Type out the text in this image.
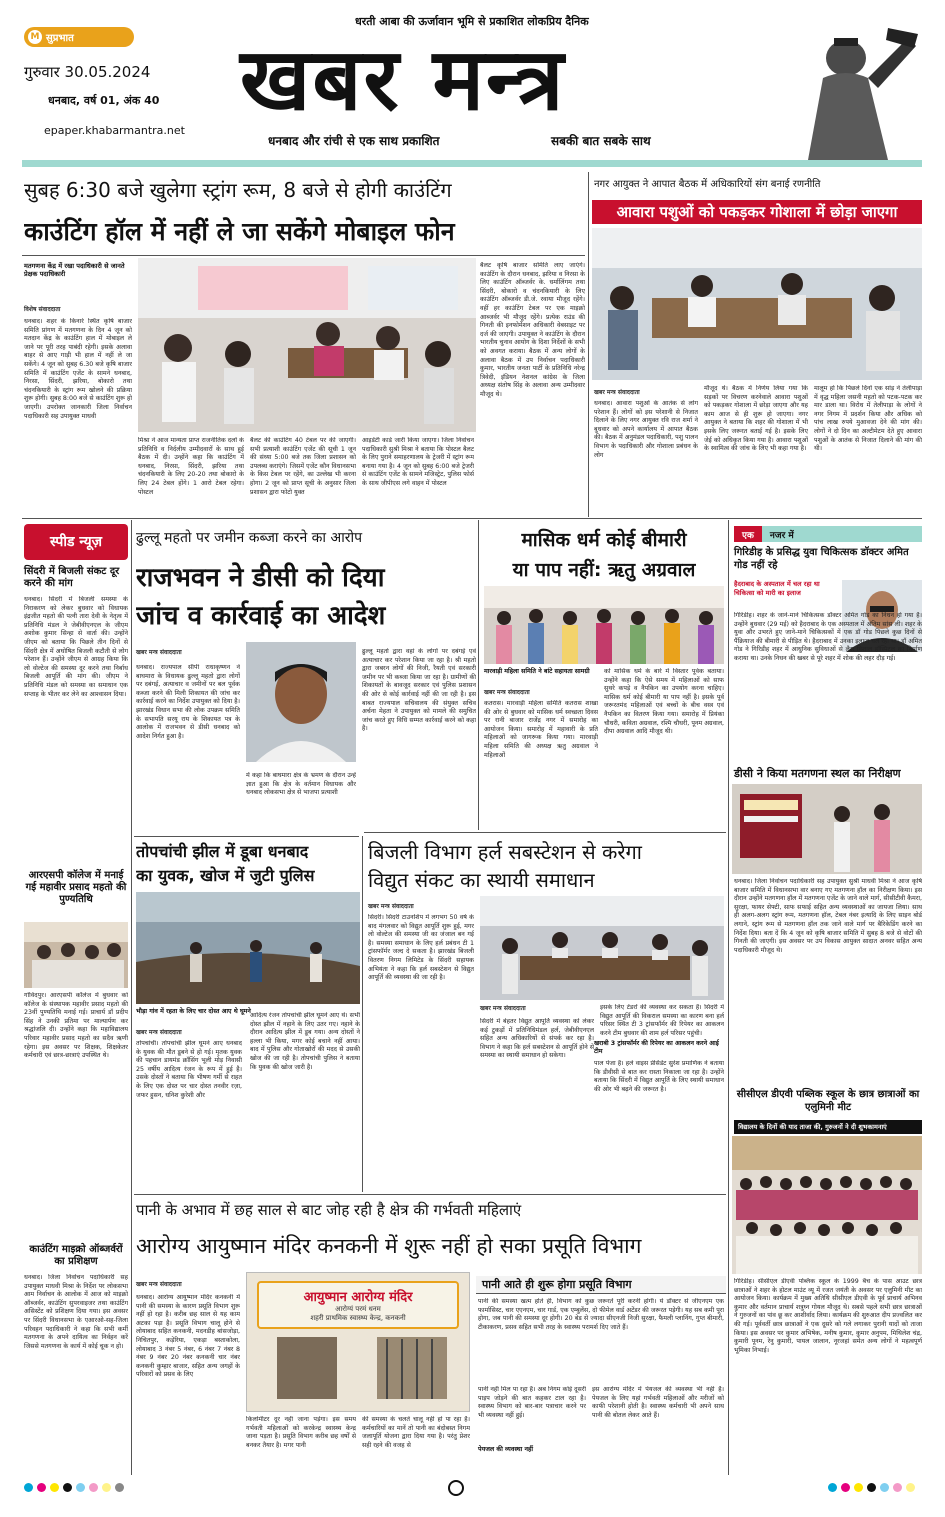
M सुप्रभात
धरती आबा की ऊर्जावान भूमि से प्रकाशित लोकप्रिय दैनिक
गुरुवार 30.05.2024
धनबाद, वर्ष 01, अंक 40
epaper.khabarmantra.net
खबर मन्त्र
धनबाद और रांची से एक साथ प्रकाशित	सबकी बात सबके साथ
सुबह 6:30 बजे खुलेगा स्ट्रांग रूम, 8 बजे से होगी काउंटिंग
काउंटिंग हॉल में नहीं ले जा सकेंगे मोबाइल फोन
मतगणना केंद्र में रखा पदाधिकारी से जानते प्रेक्षक पदाधिकारी
विशेष संवाददाता
धनबाद। शहर के किनारे स्थित कृषि बाजार समिति प्रांगण में मतगणना के दिन 4 जून को मतदान केंद्र के काउंटिंग हाल में मोबाइल ले जाने पर पूरी तरह पाबंदी रहेगी। इसके अलावा बाहर से आए गाड़ी भी हाल में नहीं ले जा सकेंगे। 4 जून को सुबह 6.30 बजे कृषि बाजार समिति में काउंटिंग एजेंट के सामने धनबाद, निरसा, सिंदरी, झरिया, बोकारो तथा चंदनकियारी के स्ट्रांग रूम खोलने की प्रक्रिया शुरू होगी। सुबह 8:00 बजे से काउंटिंग शुरू हो जाएगी। उपरोक्त जानकारी जिला निर्वाचन पदाधिकारी सह उपायुक्त माधवी
मिश्रा ने आज मान्यता प्राप्त राजनीतिक दलों के प्रतिनिधि व निर्दलीय उम्मीदवारों के साथ हुई बैठक में दी। उन्होंने कहा कि काउंटिंग में धनबाद, निरसा, सिंदरी, झरिया तथा चंदनकियारी के लिए 20-20 तथा बोकारो के लिए 24 टेबल होंगे। 1 आरो टेबल रहेगा। पोस्टल
बैलट की काउंटिंग 40 टेबल पर की जाएगी। सभी प्रत्याशी काउंटिंग एजेंट की सूची 1 जून की संध्या 5:00 बजे तक जिला प्रशासन को उपलब्ध कराएंगे। जिसमें एजेंट कौन विधानसभा के किस टेबल पर रहेंगे, का उल्लेख भी करना होगा। 2 जून को प्राप्त सूची के अनुसार जिला प्रशासन द्वारा फोटो युक्त
आइडेंटी कार्ड जारी किया जाएगा। जिला निर्वाचन पदाधिकारी सुश्री मिश्रा ने बताया कि पोस्टल बैलट के लिए पुराने समाहरणालय के ट्रेजरी में स्ट्रांग रूम बनाया गया है। 4 जून को सुबह 6:00 बजे ट्रेजरी से काउंटिंग एजेंट के सामने मजिस्ट्रेट, पुलिस फोर्स के साथ जीपीएस लगे वाहन में पोस्टल
बैलट कृषि बाजार समिति लाए जाएंगे। काउंटिंग के दौरान धनबाद, झरिया व निरसा के लिए काउंटिंग ऑब्जर्वर के. धर्मालिंगम तथा सिंदरी, बोकारो व चंदनकियारी के लिए काउंटिंग ऑब्जर्वर डी.जे. रवाया मौजूद रहेंगे। वहीं हर काउंटिंग टेबल पर एक माइक्रो आब्जर्वर भी मौजूद रहेंगे। प्रत्येक राउंड की गिनती की इनफोर्मेशन अधिकारी वेबसाइट पर दर्ज की जाएगी। उपायुक्त ने काउंटिंग के दौरान भारतीय चुनाव आयोग के दिशा निर्देशों के सभी को अवगत कराया। बैठक में अन्य लोगों के अलावा बैठक में उप निर्वाचन पदाधिकारी कुमार, भारतीय जनता पार्टी के प्रतिनिधि नरेन्द्र त्रिवेदी, इंडियन नेशनल कांग्रेस के जिला अध्यक्ष संतोष सिंह के अलावा अन्य उम्मीदवार मौजूद थे।
नगर आयुक्त ने आपात बैठक में अधिकारियों संग बनाई रणनीति
आवारा पशुओं को पकड़कर गोशाला में छोड़ा जाएगा
खबर मन्त्र संवाददाता
धनबाद। आवारा पशुओं के आतंक से लोग परेशान हैं। लोगों को इस परेशानी से निजात दिलाने के लिए नगर आयुक्त रवि राज शर्मा ने बुधवार को अपने कार्यालय में आपात बैठक की। बैठक में अनुमंडल पदाधिकारी, पशु पालन विभाग के पदाधिकारी और गोशाला प्रबंधन के लोग
मौजूद थे। बैठक में निर्णय लिया गया कि सड़कों पर विचरण करनेवाले आवारा पशुओं को पकड़कर गोशाला में छोड़ा जाएगा और यह काम आज से ही शुरू हो जाएगा। नगर आयुक्त ने बताया कि शहर की गोशाला में भी इसके लिए जरूरत बताई गई है। इसके लिए जेई को अधिकृत किया गया है। आवारा पशुओं के स्वामित्व की जांच के लिए भी कहा गया है।
मालूम हो कि पिछले दिनों एक सांड़ ने तेलीपाड़ा में वृद्ध महिला जसनी महतो को पटक-पटक कर मार डाला था। विरोध में तेलीपाड़ा के लोगों ने नगर निगम में प्रदर्शन किया और अधिक को पांच लाख रुपये मुआवजा देने की मांग की। लोगों ने दो दिन का अल्टीमेटम देते हुए आवारा पशुओं के आतंक से निजात दिलाने की मांग की थी।
स्पीड न्यूज़
सिंदरी में बिजली संकट दूर करने की मांग
धनबाद। सिंदरी में बिजली समस्या के निराकरण को लेकर बुधवार को विधायक इंद्रजीत महतो की पत्नी तारा देवी के नेतृत्व में प्रतिनिधि मंडल ने जेबीवीएनएल के जीएम अशोक कुमार सिन्हा से वार्ता की। उन्होंने जीएम को बताया कि पिछले तीन दिनों से सिंदरी क्षेत्र में अघोषित बिजली कटौती से लोग परेशान हैं। उन्होंने जीएम से आग्रह किया कि लो वोल्टेज की समस्या दूर करने तथा निर्बाध बिजली आपूर्ति की मांग की। जीएम ने प्रतिनिधि मंडल को समस्या का समाधान एक सप्ताह के भीतर कर लेने का आश्वासन दिया।
आरएसपी कॉलेज में मनाई गई महावीर प्रसाद महतो की पुण्यतिथि
गोविंदपुर। आरएसपी कॉलेज में बुधवार को कॉलेज के संस्थापक महावीर प्रसाद महतो की 23वीं पुण्यतिथि मनाई गई। प्राचार्य डॉ प्रदीप सिंह ने उनकी प्रतिमा पर माल्यार्पण कर श्रद्धांजलि दी। उन्होंने कहा कि महाविद्यालय परिवार महावीर प्रसाद महतो का सदैव ऋणी रहेगा। इस अवसर पर शिक्षक, शिक्षकेतर कर्मचारी एवं छात्र-छात्राएं उपस्थित थे।
काउंटिंग माइक्रो ऑब्जर्वरों का प्रशिक्षण
धनबाद। जिला निर्वाचन पदाधिकारी सह उपायुक्त माधवी मिश्रा के निर्देश पर लोकसभा आम निर्वाचन के आलोक में आज को माइक्रो ऑब्जर्वर, काउंटिंग सुपरवाइजर तथा काउंटिंग असिस्टेंट को प्रशिक्षण दिया गया। इस अवसर पर सिंदरी विधानसभा के एआरओ-सह-जिला परिवहन पदाधिकारी ने कहा कि सभी कर्मी मतगणना के अपने दायित्व का निर्वहन करें जिससे मतगणना के कार्य में कोई चूक न हो।
ढुल्लू महतो पर जमीन कब्जा करने का आरोप
राजभवन ने डीसी को दिया
जांच व कार्रवाई का आदेश
खबर मन्त्र संवाददाता
धनबाद। राज्यपाल सीपी राधाकृष्णन ने बाघमारा के विधायक ढुल्लू महतो द्वारा लोगों पर दबंगई, अत्याचार व जमीनों पर बल पूर्वक कब्जा करने की मिली शिकायत की जांच कर कार्रवाई करने का निर्देश उपायुक्त को दिया है। झारखंड विधान सभा की लोक उपक्रम समिति के सभापति सरयू राय के शिकायत पत्र के आलोक में राजभवन से डीसी धनबाद को आदेश निर्गत हुआ है।
में कहा कि बाघमारा क्षेत्र के भ्रमण के दौरान उन्हें ज्ञात हुआ कि क्षेत्र के वर्तमान विधायक और धनबाद लोकसभा क्षेत्र से भाजपा प्रत्याशी
ढुल्लू महतो द्वारा वहां के लोगों पर दबंगई एवं अत्याचार कर परेशान किया जा रहा है। श्री महतो द्वारा जबरन लोगों की निजी, रैयती एवं सरकारी जमीन पर भी कब्जा किया जा रहा है। ग्रामीणों की शिकायतों के बावजूद सरकार एवं पुलिस प्रशासन की ओर से कोई कार्रवाई नहीं की जा रही है। इस बाबत राज्यपाल सचिवालय की संयुक्त सचिव अर्चना मेहता ने उपायुक्त को मामले की समुचित जांच करते हुए विधि सम्मत कार्रवाई करने को कहा है।
मासिक धर्म कोई बीमारी
या पाप नहीं: ऋतु अग्रवाल
मारवाड़ी महिला समिति ने बांटे सहायता सामग्री
खबर मन्त्र संवाददाता
कतरास। मारवाड़ी महिला समिति कतरास शाखा की ओर से बुधवार को मासिक धर्म स्वच्छता दिवस पर रानी बाजार राजेंद्र नगर में समारोह का आयोजन किया। समारोह में महावारी के प्रति महिलाओं को जागरूक किया गया। मारवाड़ी महिला समिति की अध्यक्ष ऋतु अग्रवाल ने महिलाओं
को मासिक धर्म के बारे में विस्तार पूर्वक बताया। उन्होंने कहा कि ऐसे समय में महिलाओं को साफ सुथरे कपड़े व नैपकिन का उपयोग करना चाहिए। मासिक धर्म कोई बीमारी या पाप नहीं है। इसके पूर्व जरूरतमंद महिलाओं एवं बच्चों के बीच वस्त्र एवं नैपकिन का वितरण किया गया। समारोह में प्रियंका चौधरी, कविता अग्रवाल, रश्मि चौधरी, पूनम अग्रवाल, दीपा अग्रवाल आदि मौजूद थी।
एक	नजर में
गिरिडीह के प्रसिद्ध युवा चिकित्सक डॉक्टर अमित गोड नहीं रहे
हैदराबाद के अस्पताल में चल रहा था चिकित्सा को मारी का इलाज
गिरिडीह। शहर के जाने-माने चिकित्सक डॉक्टर अमित गोड का निधन हो गया है। उन्होंने बुधवार (29 मई) को हैदराबाद के एक अस्पताल में अंतिम सांस ली। शहर के युवा और उभरते हुए जाने-माने चिकित्सकों में एक डॉ गोड पिछले कुछ दिनों से पैंक्रियाज की बीमारी से पीड़ित थे। हैदराबाद में उनका इलाज चल रहा था। डॉ अमित गोड ने गिरिडीह शहर में आधुनिक सुविधाओं से लैस विशाल हॉस्पिटल का निर्माण कराया था। उनके निधन की खबर से पूरे शहर में शोक की लहर दौड़ गई।
डीसी ने किया मतगणना स्थल का निरीक्षण
धनबाद। जिला निर्वाचन पदाधिकारी सह उपायुक्त सुश्री माधवी मिश्रा ने आज कृषि बाजार समिति में विधानसभा वार बनाए गए मतगणना हॉल का निरीक्षण किया। इस दौरान उन्होंने मतगणना हॉल में मतगणना एजेंट के जाने वाले मार्ग, सीसीटीवी कैमरा, सुरक्षा, फायर सेफ्टी, साफ सफाई सहित अन्य व्यवस्थाओं का जायजा लिया। साथ ही अलग-अलग स्ट्रांग रूम, मतगणना हॉल, टेबल नंबर इत्यादि के लिए साइन बोर्ड लगाने, स्ट्रांग रूम से मतगणना हॉल तक जाने वाले मार्ग पर बैरिकेडिंग करने का निर्देश दिया। बता दें कि 4 जून को कृषि बाजार समिति में सुबह 8 बजे से वोटों की गिनती की जाएगी। इस अवसर पर उप विकास आयुक्त सादात अनवर सहित अन्य पदाधिकारी मौजूद थे।
सीसीएल डीएवी पब्लिक स्कूल के छात्र छात्राओं का एलुमिनी मीट
विद्यालय के दिनों की याद ताजा की, गुरुजनों ने दी शुभकामनाएं
गिरिडीह। सीसीएल डीएवी पब्लिक स्कूल के 1999 बैच के पास आउट छात्र छात्राओं ने शहर के होटल माउंट व्यू में रजत जयंती के अवसर पर एलुमिनी मीट का आयोजन किया। कार्यक्रम में मुख्य अतिथि सीसीएल डीएवी के पूर्व प्राचार्य अभिनव कुमार और वर्तमान प्राचार्य शत्रुघ्न गोयल मौजूद थे। सबसे पहले सभी छात्र छात्राओं ने गुरुजनों का पांव छू कर आशीर्वाद लिया। कार्यक्रम की शुरुआत दीप प्रज्वलित कर की गई। पूर्ववर्ती छात्र छात्राओं ने एक दूसरे को गले लगाकर पुरानी यादों को ताजा किया। इस अवसर पर कुमार अभिषेक, मनीष कुमार, कुमार अनुपम, मिथिलेश चंद्र, कुमारी पूनम, रेनु कुमारी, पायल जालान, नूरजहां समेत अन्य लोगों ने महत्वपूर्ण भूमिका निभाई।
तोपचांची झील में डूबा धनबाद
का युवक, खोज में जुटी पुलिस
भौड़ा गांव में रहता के लिए चार दोस्त आए थे घूमने
खबर मन्त्र संवाददाता
तोपचांची। तोपचांची झील घूमने आए धनबाद के युवक की मौत डूबने से हो गई। मृतक युवक की पहचान डायमंड क्रॉसिंग भूली मोड़ निवासी 25 वर्षीय आदित्य रंजन के रूप में हुई है। उसके दोस्तों ने बताया कि भीषण गर्मी से राहत के लिए एक दोस्त पर चार दोस्त तनवीर रज़ा, जफर हुसन, धनिश कुरेशी और
आदित्य रंजन तोपचांची झील घूमने आए थे। सभी दोस्त झील में नहाने के लिए उतर गए। नहाने के दौरान आदित्य झील में डूब गया। अन्य दोस्तों ने हल्ला भी किया, मगर कोई बचाने नहीं आया। बाद में पुलिस और गोताखोरों की मदद से उसकी खोज की जा रही है। तोपचांची पुलिस ने बताया कि युवक की खोज जारी है।
बिजली विभाग हर्ल सबस्टेशन से करेगा
विद्युत संकट का स्थायी समाधान
खबर मन्त्र संवाददाता
सिंदरी। सिंदरी टाउनशिप में लगभग 50 वर्ष के बाद मंगलवार को विद्युत आपूर्ति शुरू हुई, मगर लो वोल्टेज की समस्या जी का जंजाल बन गई है। समस्या समाधान के लिए हर्ल प्रबंधन टी 1 ट्रांसफॉर्मर जल्द दे सकता है। झारखंड बिजली वितरण निगम लिमिटेड के सिंदरी सहायक अभियंता ने कहा कि हर्ल सबस्टेशन से विद्युत आपूर्ति की व्यवस्था की जा रही है।
खबर मन्त्र संवाददाता
सिंदरी में बेहतर विद्युत आपूर्ति व्यवस्था को लेकर कई टुकड़ों में प्रतिनिधिमंडल हर्ल, जेबीवीएनएल सहित अन्य अधिकारियों से संपर्क कर रहा है। विभाग ने कहा कि हर्ल सबस्टेशन से आपूर्ति होने से समस्या का स्थायी समाधान हो सकेगा।
इसके लिए टेंडरों की व्यवस्था कर सकता है। सिंदरी में विद्युत आपूर्ति की विकराल समस्या का कारण बना हर्ल परिसर स्थित टी 3 ट्रांसफॉर्मर की रिपेयर का आकलन करने टीम बुधवार की शाम हर्ल परिसर पहुंची।
खराबी 3 ट्रांसफॉर्मर की रिपेयर का आकलन करने आई टीम
पाल पेजा है। हर्ल वाइस प्रेसिडेंट सुरेश प्रमाणिक ने बताया कि डीवीसी से बात कर रास्ता निकाला जा रहा है। उन्होंने बताया कि सिंदरी में विद्युत आपूर्ति के लिए स्थायी समाधान की ओर भी बढ़ने की जरूरत है।
पानी के अभाव में छह साल से बाट जोह रही है क्षेत्र की गर्भवती महिलाएं
आरोग्य आयुष्मान मंदिर कनकनी में शुरू नहीं हो सका प्रसूति विभाग
खबर मन्त्र संवाददाता
धनबाद। आरोग्य आयुष्मान मंदिर कनकनी में पानी की समस्या के कारण प्रसूति विभाग शुरू नहीं हो रहा है। करीब छह साल से यह काम अटका पड़ा है। प्रसूति विभाग चालू होने से लोयाबाद सहित कनकनी, मदनडीह बांसजोड़ा, निचितपुर, कड़ेरिया, एकड़ा बस्ताकोला, लोयाबाद 3 नंबर 5 नंबर, 6 नंबर 7 नंबर 8 नंबर 9 नंबर 20 नंबर कनकनी चार नंबर कनकनी कुम्हार बाजार, सहित अन्य जगहों के परिवारों को प्रसव के लिए
आयुष्मान आरोग्य मंदिर
आरोग्यं परमं धनम
शहरी प्राथमिक स्वास्थ्य केन्द्र, कनकनी
किलोमीटर दूर नहीं जाना पड़ेगा। इस समय गर्भवती महिलाओं को करकेन्द्र स्वास्थ्य केन्द्र जाना पड़ता है। प्रसूति विभाग करीब छह वर्षों से बनकर तैयार है। मगर पानी
की समस्या के चलते चालू नहीं हो पा रहा है। कर्मचारियों का मानें तो पानी का बंदोबस्त निगम जलापूर्ति योजना द्वारा दिया गया है। परंतु प्रेशर सही रहने की वजह से
पानी आते ही शुरू होगा प्रसूति विभाग
पानी की समस्या खत्म होते ही, विभाग को कुछ जरूरतें पूरी करनी होंगी। ये डॉक्टर से जीएनएम एक फार्मासिस्ट, चार एएनएम, चार गार्ड, एक एम्बुलेंस, दो फीमेल वार्ड अटेंडर की जरूरत पड़ेगी। यह सब कमी पूरा होगा, जब पानी की समस्या दूर होगी। 20 बेड से ज्यादा सीएनजी निजी सुरक्षा, फैमली प्लानिंग, गुप्त बीमारी, टीकाकरण, प्रसव सहित सभी तरह के स्वास्थ्य परामर्श दिए जाते हैं।
पानी नहीं मिल पा रहा है। अब निगम कोई दूसरी पाइप जोड़ने की बात कहकर टाल रहा है। स्वास्थ्य विभाग को बार-बार पत्राचार करने पर भी व्यवस्था नहीं हुई।
पेयजल की व्यवस्था नहीं
इस आरोग्य मंदिर में पेयजल की व्यवस्था भी नहीं है। पेयजल के लिए यहां गर्भवती महिलाओं और मरीजों को काफी परेशानी होती है। स्वास्थ्य कर्मचारी भी अपने साथ पानी की बोतल लेकर आते हैं।
